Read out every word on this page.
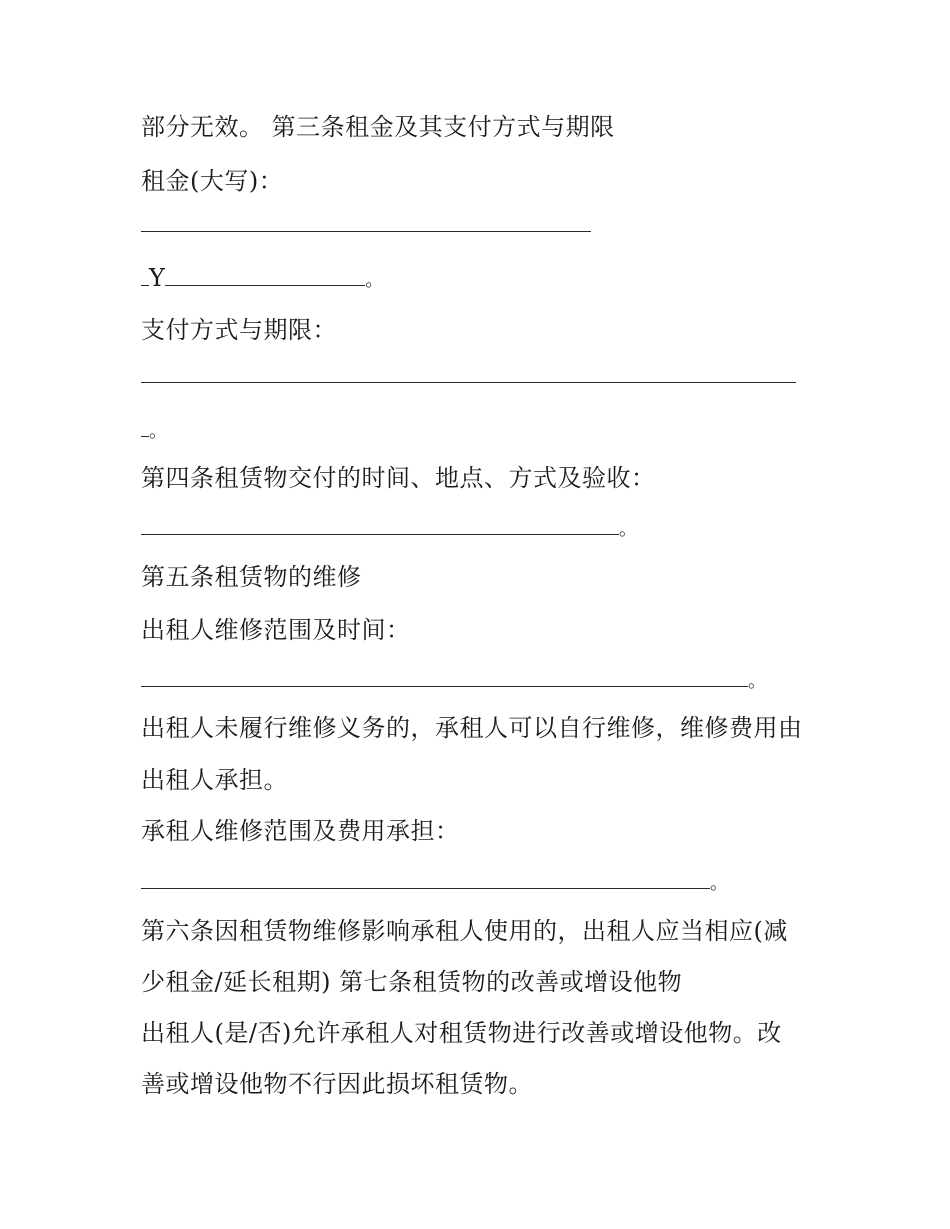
部分无效。 第三条租金及其支付方式与期限
租金(大写)：
Y	。
支付方式与期限：
。
第四条租赁物交付的时间、地点、方式及验收：
。
第五条租赁物的维修
出租人维修范围及时间：
。
出租人未履行维修义务的，承租人可以自行维修，维修费用由
出租人承担。
承租人维修范围及费用承担：
。
第六条因租赁物维修影响承租人使用的，出租人应当相应(减
少租金/延长租期) 第七条租赁物的改善或增设他物
出租人(是/否)允许承租人对租赁物进行改善或增设他物。改
善或增设他物不行因此损坏租赁物。
